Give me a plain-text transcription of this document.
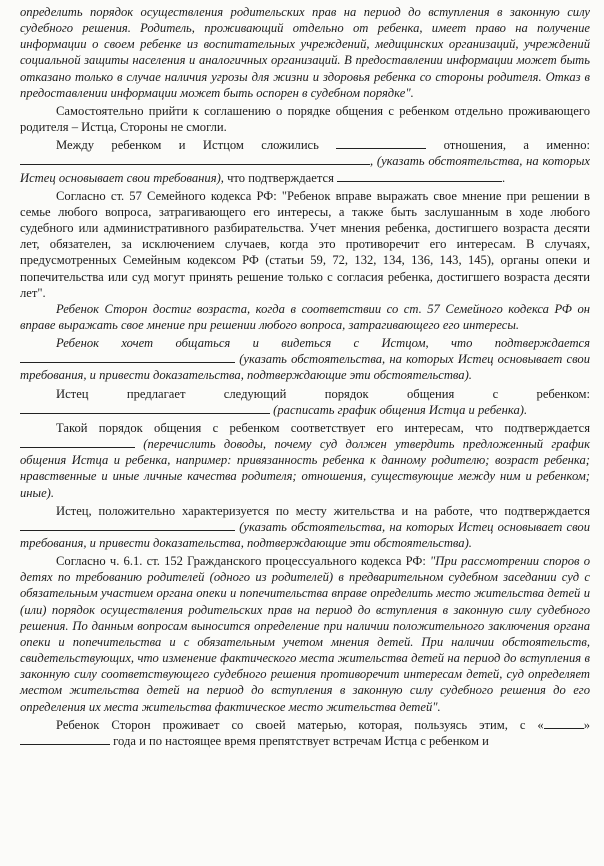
определить порядок осуществления родительских прав на период до вступления в законную силу судебного решения. Родитель, проживающий отдельно от ребенка, имеет право на получение информации о своем ребенке из воспитательных учреждений, медицинских организаций, учреждений социальной защиты населения и аналогичных организаций. В предоставлении информации может быть отказано только в случае наличия угрозы для жизни и здоровья ребенка со стороны родителя. Отказ в предоставлении информации может быть оспорен в судебном порядке".

Самостоятельно прийти к соглашению о порядке общения с ребенком отдельно проживающего родителя – Истца, Стороны не смогли.

Между ребенком и Истцом сложились	отношения, а именно: , (указать обстоятельства, на которых Истец основывает свои требования), что подтверждается	.

Согласно ст. 57 Семейного кодекса РФ: "Ребенок вправе выражать свое мнение при решении в семье любого вопроса, затрагивающего его интересы, а также быть заслушанным в ходе любого судебного или административного разбирательства. Учет мнения ребенка, достигшего возраста десяти лет, обязателен, за исключением случаев, когда это противоречит его интересам. В случаях, предусмотренных Семейным кодексом РФ (статьи 59, 72, 132, 134, 136, 143, 145), органы опеки и попечительства или суд могут принять решение только с согласия ребенка, достигшего возраста десяти лет".

Ребенок Сторон достиг возраста, когда в соответствии со ст. 57 Семейного кодекса РФ он вправе выражать свое мнение при решении любого вопроса, затрагивающего его интересы.

Ребенок хочет общаться и видеться с Истцом, что подтверждается  (указать обстоятельства, на которых Истец основывает свои требования, и привести доказательства, подтверждающие эти обстоятельства).

Истец предлагает следующий порядок общения с ребенком:  (расписать график общения Истца и ребенка).

Такой порядок общения с ребенком соответствует его интересам, что подтверждается  (перечислить доводы, почему суд должен утвердить предложенный график общения Истца и ребенка, например: привязанность ребенка к данному родителю; возраст ребенка; нравственные и иные личные качества родителя; отношения, существующие между ним и ребенком; иные).

Истец, положительно характеризуется по месту жительства и на работе, что подтверждается  (указать обстоятельства, на которых Истец основывает свои требования, и привести доказательства, подтверждающие эти обстоятельства).

Согласно ч. 6.1. ст. 152 Гражданского процессуального кодекса РФ: "При рассмотрении споров о детях по требованию родителей (одного из родителей) в предварительном судебном заседании суд с обязательным участием органа опеки и попечительства вправе определить место жительства детей и (или) порядок осуществления родительских прав на период до вступления в законную силу судебного решения. По данным вопросам выносится определение при наличии положительного заключения органа опеки и попечительства и с обязательным учетом мнения детей. При наличии обстоятельств, свидетельствующих, что изменение фактического места жительства детей на период до вступления в законную силу соответствующего судебного решения противоречит интересам детей, суд определяет местом жительства детей на период до вступления в законную силу судебного решения до его определения их места жительства фактическое место жительства детей".

Ребенок Сторон проживает со своей матерью, которая, пользуясь этим, с «	»  года и по настоящее время препятствует встречам Истца с ребенком и
